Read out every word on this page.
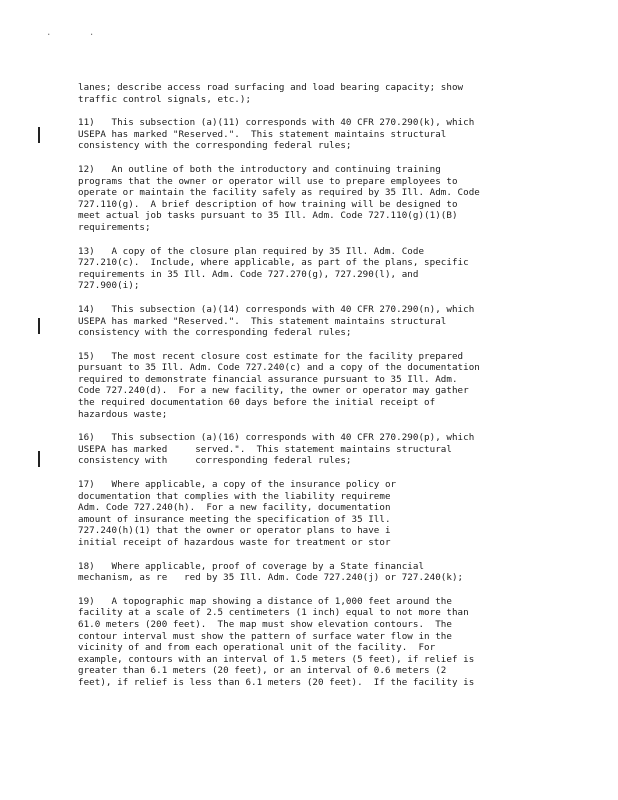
.	.
lanes; describe access road surfacing and load bearing capacity; show
traffic control signals, etc.);
11)   This subsection (a)(11) corresponds with 40 CFR 270.290(k), which
USEPA has marked "Reserved.".  This statement maintains structural
consistency with the corresponding federal rules;
12)   An outline of both the introductory and continuing training
programs that the owner or operator will use to prepare employees to
operate or maintain the facility safely as required by 35 Ill. Adm. Code
727.110(g).  A brief description of how training will be designed to
meet actual job tasks pursuant to 35 Ill. Adm. Code 727.110(g)(1)(B)
requirements;
13)   A copy of the closure plan required by 35 Ill. Adm. Code
727.210(c).  Include, where applicable, as part of the plans, specific
requirements in 35 Ill. Adm. Code 727.270(g), 727.290(l), and
727.900(i);
14)   This subsection (a)(14) corresponds with 40 CFR 270.290(n), which
USEPA has marked "Reserved.".  This statement maintains structural
consistency with the corresponding federal rules;
15)   The most recent closure cost estimate for the facility prepared
pursuant to 35 Ill. Adm. Code 727.240(c) and a copy of the documentation
required to demonstrate financial assurance pursuant to 35 Ill. Adm.
Code 727.240(d).  For a new facility, the owner or operator may gather
the required documentation 60 days before the initial receipt of
hazardous waste;
16)   This subsection (a)(16) corresponds with 40 CFR 270.290(p), which
USEPA has marked     served.".  This statement maintains structural
consistency with     corresponding federal rules;
17)   Where applicable, a copy of the insurance policy or
documentation that complies with the liability requireme
Adm. Code 727.240(h).  For a new facility, documentation
amount of insurance meeting the specification of 35 Ill.
727.240(h)(1) that the owner or operator plans to have i
initial receipt of hazardous waste for treatment or stor
18)   Where applicable, proof of coverage by a State financial
mechanism, as re   red by 35 Ill. Adm. Code 727.240(j) or 727.240(k);
19)   A topographic map showing a distance of 1,000 feet around the
facility at a scale of 2.5 centimeters (1 inch) equal to not more than
61.0 meters (200 feet).  The map must show elevation contours.  The
contour interval must show the pattern of surface water flow in the
vicinity of and from each operational unit of the facility.  For
example, contours with an interval of 1.5 meters (5 feet), if relief is
greater than 6.1 meters (20 feet), or an interval of 0.6 meters (2
feet), if relief is less than 6.1 meters (20 feet).  If the facility is
